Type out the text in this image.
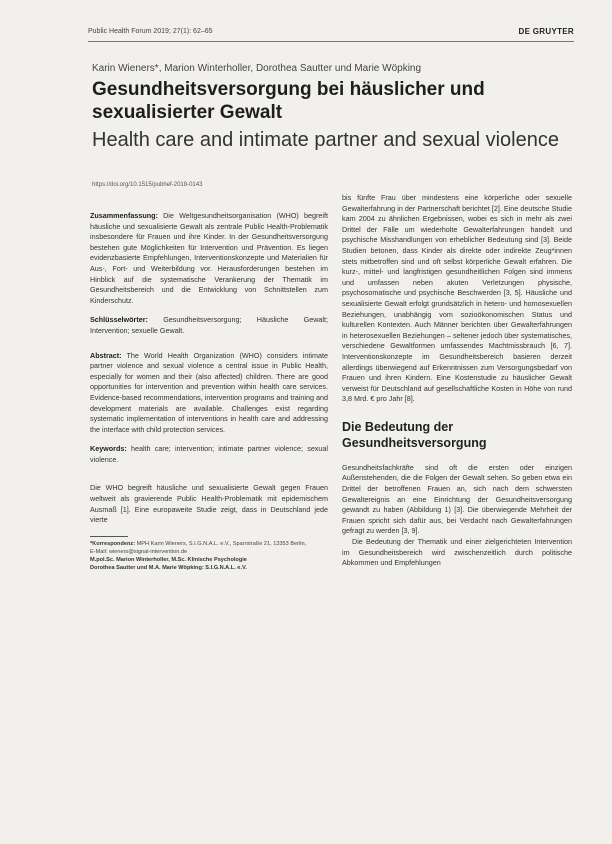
Public Health Forum 2019; 27(1): 62–65	DE GRUYTER
Karin Wieners*, Marion Winterholler, Dorothea Sautter und Marie Wöpking
Gesundheitsversorgung bei häuslicher und sexualisierter Gewalt
Health care and intimate partner and sexual violence
https://doi.org/10.1515/pubhef-2018-0143

Zusammenfassung: Die Weltgesundheitsorganisation (WHO) begreift häusliche und sexualisierte Gewalt als zentrale Public Health-Problematik insbesondere für Frauen und ihre Kinder. In der Gesundheitsversorgung bestehen gute Möglichkeiten für Intervention und Prävention. Es liegen evidenzbasierte Empfehlungen, Interventionskonzepte und Materialien für Aus-, Fort- und Weiterbildung vor. Herausforderungen bestehen im Hinblick auf die systematische Verankerung der Thematik im Gesundheitsbereich und die Entwicklung von Schnittstellen zum Kinderschutz.

Schlüsselwörter: Gesundheitsversorgung; Häusliche Gewalt; Intervention; sexuelle Gewalt.

Abstract: The World Health Organization (WHO) considers intimate partner violence and sexual violence a central issue in Public Health, especially for women and their (also affected) children. There are good opportunities for intervention and prevention within health care services. Evidence-based recommendations, intervention programs and training and development materials are available. Challenges exist regarding systematic implementation of interventions in health care and addressing the interface with child protection services.

Keywords: health care; intervention; intimate partner violence; sexual violence.

Die WHO begreift häusliche und sexualisierte Gewalt gegen Frauen weltweit als gravierende Public Health-Problematik mit epidemischem Ausmaß [1]. Eine europaweite Studie zeigt, dass in Deutschland jede vierte

*Korrespondenz: MPH Karin Wieners, S.I.G.N.A.L. e.V., Sparrstraße 21, 13353 Berlin,
E-Mail: wieners@signal-intervention.de
M.pol.Sc. Marion Winterholler, M.Sc. Klinische Psychologie
Dorothea Sautter und M.A. Marie Wöpking: S.I.G.N.A.L. e.V.

bis fünfte Frau über mindestens eine körperliche oder sexuelle Gewalterfahrung in der Partnerschaft berichtet [2]. Eine deutsche Studie kam 2004 zu ähnlichen Ergebnissen, wobei es sich in mehr als zwei Drittel der Fälle um wiederholte Gewalterfahrungen handelt und psychische Misshandlungen von erheblicher Bedeutung sind [3]. Beide Studien betonen, dass Kinder als direkte oder indirekte Zeug*innen stets mitbetroffen sind und oft selbst körperliche Gewalt erfahren. Die kurz-, mittel- und langfristigen gesundheitlichen Folgen sind immens und umfassen neben akuten Verletzungen physische, psychosomatische und psychische Beschwerden [3, 5]. Häusliche und sexualisierte Gewalt erfolgt grundsätzlich in hetero- und homosexuellen Beziehungen, unabhängig vom sozioökonomischen Status und kulturellen Kontexten. Auch Männer berichten über Gewalterfahrungen in heterosexuellen Beziehungen – seltener jedoch über systematisches, verschiedene Gewaltformen umfassendes Machtmissbrauch [6, 7]. Interventionskonzepte im Gesundheitsbereich basieren derzeit allerdings überwiegend auf Erkenntnissen zum Versorgungsbedarf von Frauen und ihren Kindern. Eine Kostenstudie zu häuslicher Gewalt verweist für Deutschland auf gesellschaftliche Kosten in Höhe von rund 3,8 Mrd. € pro Jahr [8].

Die Bedeutung der Gesundheitsversorgung

Gesundheitsfachkräfte sind oft die ersten oder einzigen Außenstehenden, die die Folgen der Gewalt sehen. So geben etwa ein Drittel der betroffenen Frauen an, sich nach dem schwersten Gewaltereignis an eine Einrichtung der Gesundheitsversorgung gewandt zu haben (Abbildung 1) [3]. Die überwiegende Mehrheit der Frauen spricht sich dafür aus, bei Verdacht nach Gewalterfahrungen gefragt zu werden [3, 9].

Die Bedeutung der Thematik und einer zielgerichteten Intervention im Gesundheitsbereich wird zwischenzeitlich durch politische Abkommen und Empfehlungen
